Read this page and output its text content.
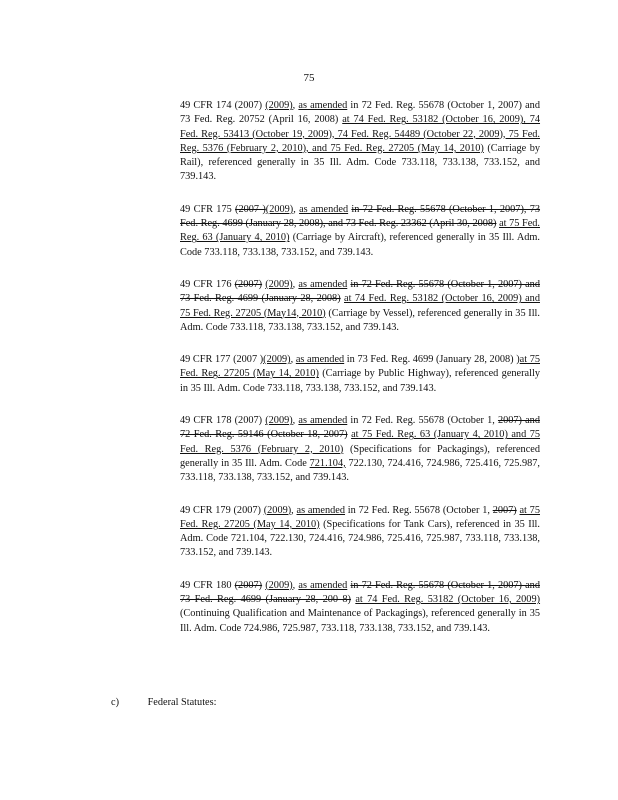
75

49 CFR 174 (2007) (2009), as amended in 72 Fed. Reg. 55678 (October 1, 2007) and 73 Fed. Reg. 20752 (April 16, 2008) at 74 Fed. Reg. 53182 (October 16, 2009), 74 Fed. Reg. 53413 (October 19, 2009), 74 Fed. Reg. 54489 (October 22, 2009), 75 Fed. Reg. 5376 (February 2, 2010), and 75 Fed. Reg. 27205 (May 14, 2010) (Carriage by Rail), referenced generally in 35 Ill. Adm. Code 733.118, 733.138, 733.152, and 739.143.

49 CFR 175 (2007 )(2009), as amended in 72 Fed. Reg. 55678 (October 1, 2007), 73 Fed. Reg. 4699 (January 28, 2008), and 73 Fed. Reg. 23362 (April 30, 2008) at 75 Fed. Reg. 63 (January 4, 2010) (Carriage by Aircraft), referenced generally in 35 Ill. Adm. Code 733.118, 733.138, 733.152, and 739.143.

49 CFR 176 (2007) (2009), as amended in 72 Fed. Reg. 55678 (October 1, 2007) and 73 Fed. Reg. 4699 (January 28, 2008) at 74 Fed. Reg. 53182 (October 16, 2009) and 75 Fed. Reg. 27205 (May14, 2010) (Carriage by Vessel), referenced generally in 35 Ill. Adm. Code 733.118, 733.138, 733.152, and 739.143.

49 CFR 177 (2007 )(2009), as amended in 73 Fed. Reg. 4699 (January 28, 2008) )at 75 Fed. Reg. 27205 (May 14, 2010) (Carriage by Public Highway), referenced generally in 35 Ill. Adm. Code 733.118, 733.138, 733.152, and 739.143.

49 CFR 178 (2007) (2009), as amended in 72 Fed. Reg. 55678 (October 1, 2007) and 72 Fed. Reg. 59146 (October 18, 2007) at 75 Fed. Reg. 63 (January 4, 2010) and 75 Fed. Reg. 5376 (February 2, 2010) (Specifications for Packagings), referenced generally in 35 Ill. Adm. Code 721.104, 722.130, 724.416, 724.986, 725.416, 725.987, 733.118, 733.138, 733.152, and 739.143.

49 CFR 179 (2007) (2009), as amended in 72 Fed. Reg. 55678 (October 1, 2007) at 75 Fed. Reg. 27205 (May 14, 2010) (Specifications for Tank Cars), referenced in 35 Ill. Adm. Code 721.104, 722.130, 724.416, 724.986, 725.416, 725.987, 733.118, 733.138, 733.152, and 739.143.

49 CFR 180 (2007) (2009), as amended in 72 Fed. Reg. 55678 (October 1, 2007) and 73 Fed. Reg. 4699 (January 28, 200 8) at 74 Fed. Reg. 53182 (October 16, 2009) (Continuing Qualification and Maintenance of Packagings), referenced generally in 35 Ill. Adm. Code 724.986, 725.987, 733.118, 733.138, 733.152, and 739.143.

c)	Federal Statutes:
